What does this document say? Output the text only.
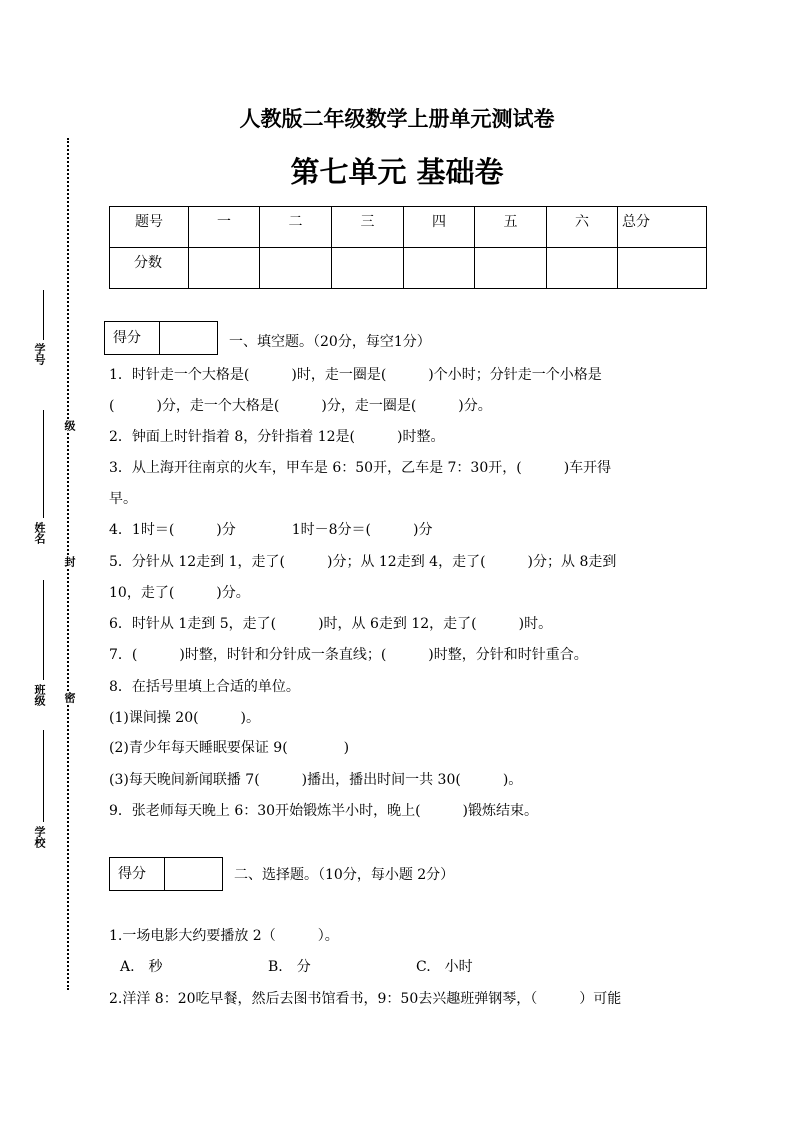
学号
级
姓名
封
班级 密
学校
人教版二年级数学上册单元测试卷
第七单元 基础卷
题号	一	二	三	四	五	六	总分
分数							
得分	一、填空题。（20分，每空1分）
1．时针走一个大格是(　　　)时，走一圈是(　　　)个小时；分针走一个小格是
(　　　)分，走一个大格是(　　　)分，走一圈是(　　　)分。
2．钟面上时针指着 8，分针指着 12是(　　　)时整。
3．从上海开往南京的火车，甲车是 6：50开，乙车是 7：30开，(　　　)车开得
早。
4．1时＝(　　　)分　　　　1时－8分＝(　　　)分
5．分针从 12走到 1，走了(　　　)分；从 12走到 4，走了(　　　)分；从 8走到
10，走了(　　　)分。
6．时针从 1走到 5，走了(　　　)时，从 6走到 12，走了(　　　)时。
7．(　　　)时整，时针和分针成一条直线；(　　　)时整，分针和时针重合。
8．在括号里填上合适的单位。
(1)课间操 20(　　　)。
(2)青少年每天睡眠要保证 9(　　　　)
(3)每天晚间新闻联播 7(　　　)播出，播出时间一共 30(　　　)。
9．张老师每天晚上 6：30开始锻炼半小时，晚上(　　　)锻炼结束。
得分	二、选择题。（10分，每小题 2分）
1.一场电影大约要播放 2（　　　）。
A.　秒	B.　分	C.　小时
2.洋洋 8：20吃早餐，然后去图书馆看书，9：50去兴趣班弹钢琴，（　　　）可能
